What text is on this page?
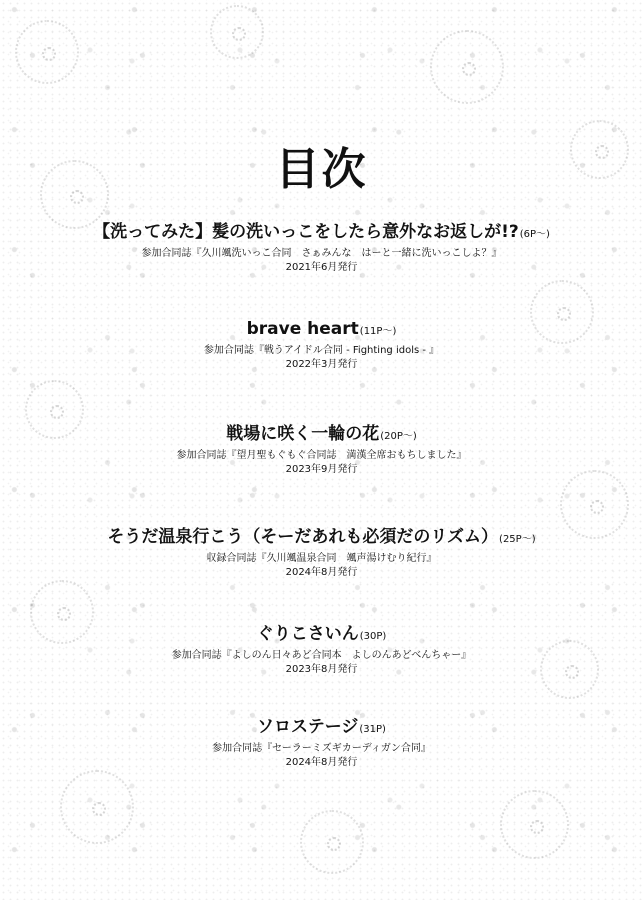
目次
【洗ってみた】髪の洗いっこをしたら意外なお返しが!?(6P〜)
参加合同誌『久川颯洗いっこ合同　さぁみんな　はーと一緒に洗いっこしよ？』
2021年6月発行
brave heart(11P〜)
参加合同誌『戦うアイドル合同 - Fighting idols - 』
2022年3月発行
戦場に咲く一輪の花(20P〜)
参加合同誌『望月聖もぐもぐ合同誌　満漢全席おもちしました』
2023年9月発行
そうだ温泉行こう（そーだあれも必須だのリズム）(25P〜)
収録合同誌『久川颯温泉合同　颯声湯けむり紀行』
2024年8月発行
ぐりこさいん(30P)
参加合同誌『よしのん日々あど合同本　よしのんあどべんちゃー』
2023年8月発行
ソロステージ(31P)
参加合同誌『セーラーミズギカーディガン合同』
2024年8月発行
